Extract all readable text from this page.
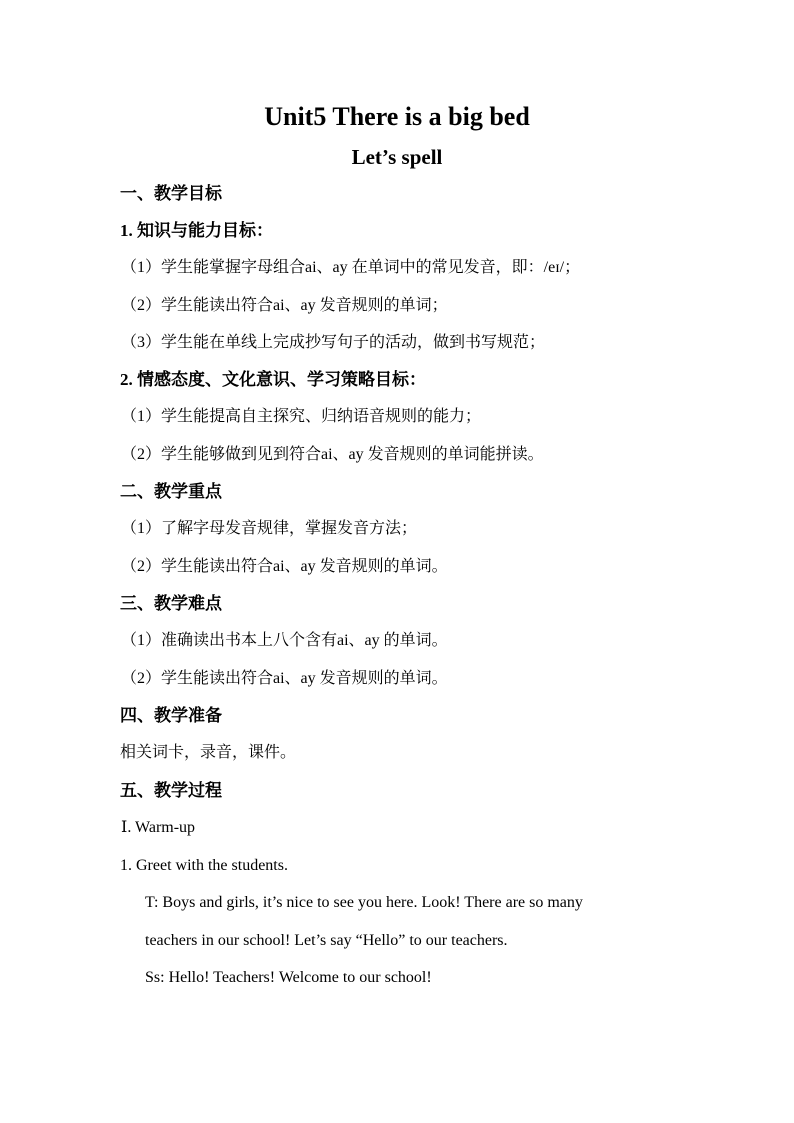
Unit5 There is a big bed
Let’s spell
一、教学目标
1. 知识与能力目标：
（1）学生能掌握字母组合ai、ay 在单词中的常见发音，即：/eɪ/；
（2）学生能读出符合ai、ay 发音规则的单词；
（3）学生能在单线上完成抄写句子的活动，做到书写规范；
2. 情感态度、文化意识、学习策略目标：
（1）学生能提高自主探究、归纳语音规则的能力；
（2）学生能够做到见到符合ai、ay 发音规则的单词能拼读。
二、教学重点
（1）了解字母发音规律，掌握发音方法；
（2）学生能读出符合ai、ay 发音规则的单词。
三、教学难点
（1）准确读出书本上八个含有ai、ay 的单词。
（2）学生能读出符合ai、ay 发音规则的单词。
四、教学准备
相关词卡，录音，课件。
五、教学过程
Ⅰ. Warm-up
1. Greet with the students.
T: Boys and girls, it’s nice to see you here. Look! There are so many
teachers in our school! Let’s say “Hello” to our teachers.
Ss: Hello! Teachers! Welcome to our school!
